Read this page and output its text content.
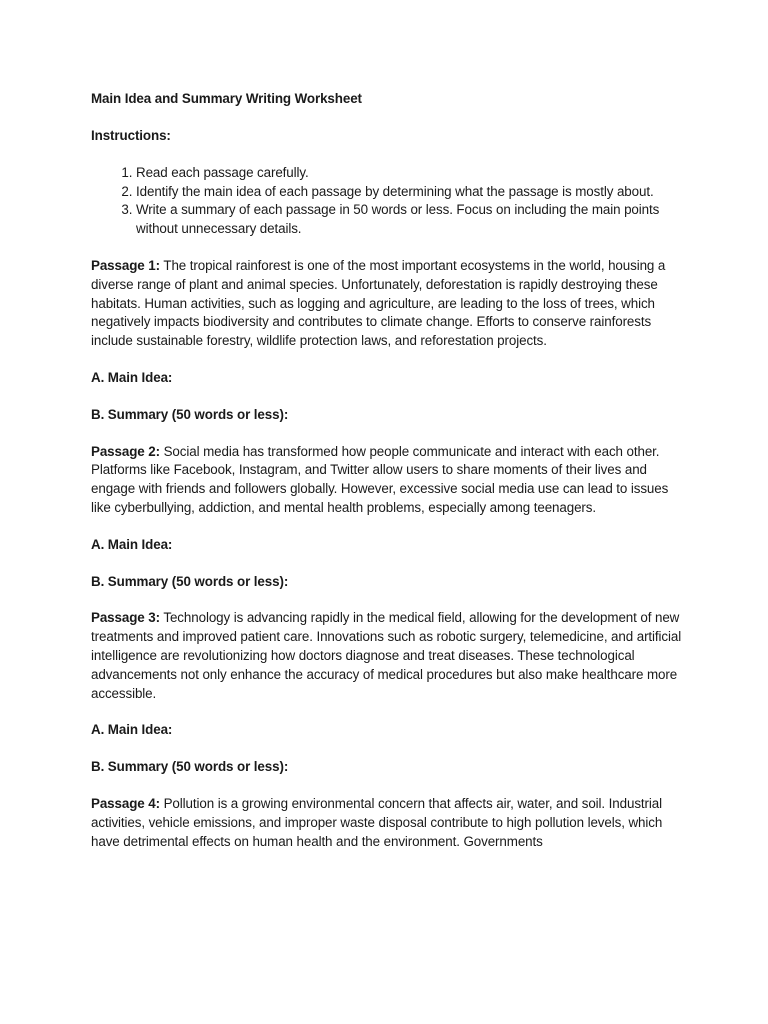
Main Idea and Summary Writing Worksheet

Instructions:

1. Read each passage carefully.
2. Identify the main idea of each passage by determining what the passage is mostly about.
3. Write a summary of each passage in 50 words or less. Focus on including the main points without unnecessary details.

Passage 1: The tropical rainforest is one of the most important ecosystems in the world, housing a diverse range of plant and animal species. Unfortunately, deforestation is rapidly destroying these habitats. Human activities, such as logging and agriculture, are leading to the loss of trees, which negatively impacts biodiversity and contributes to climate change. Efforts to conserve rainforests include sustainable forestry, wildlife protection laws, and reforestation projects.

A. Main Idea:

B. Summary (50 words or less):

Passage 2: Social media has transformed how people communicate and interact with each other. Platforms like Facebook, Instagram, and Twitter allow users to share moments of their lives and engage with friends and followers globally. However, excessive social media use can lead to issues like cyberbullying, addiction, and mental health problems, especially among teenagers.

A. Main Idea:

B. Summary (50 words or less):

Passage 3: Technology is advancing rapidly in the medical field, allowing for the development of new treatments and improved patient care. Innovations such as robotic surgery, telemedicine, and artificial intelligence are revolutionizing how doctors diagnose and treat diseases. These technological advancements not only enhance the accuracy of medical procedures but also make healthcare more accessible.

A. Main Idea:

B. Summary (50 words or less):

Passage 4: Pollution is a growing environmental concern that affects air, water, and soil. Industrial activities, vehicle emissions, and improper waste disposal contribute to high pollution levels, which have detrimental effects on human health and the environment. Governments
